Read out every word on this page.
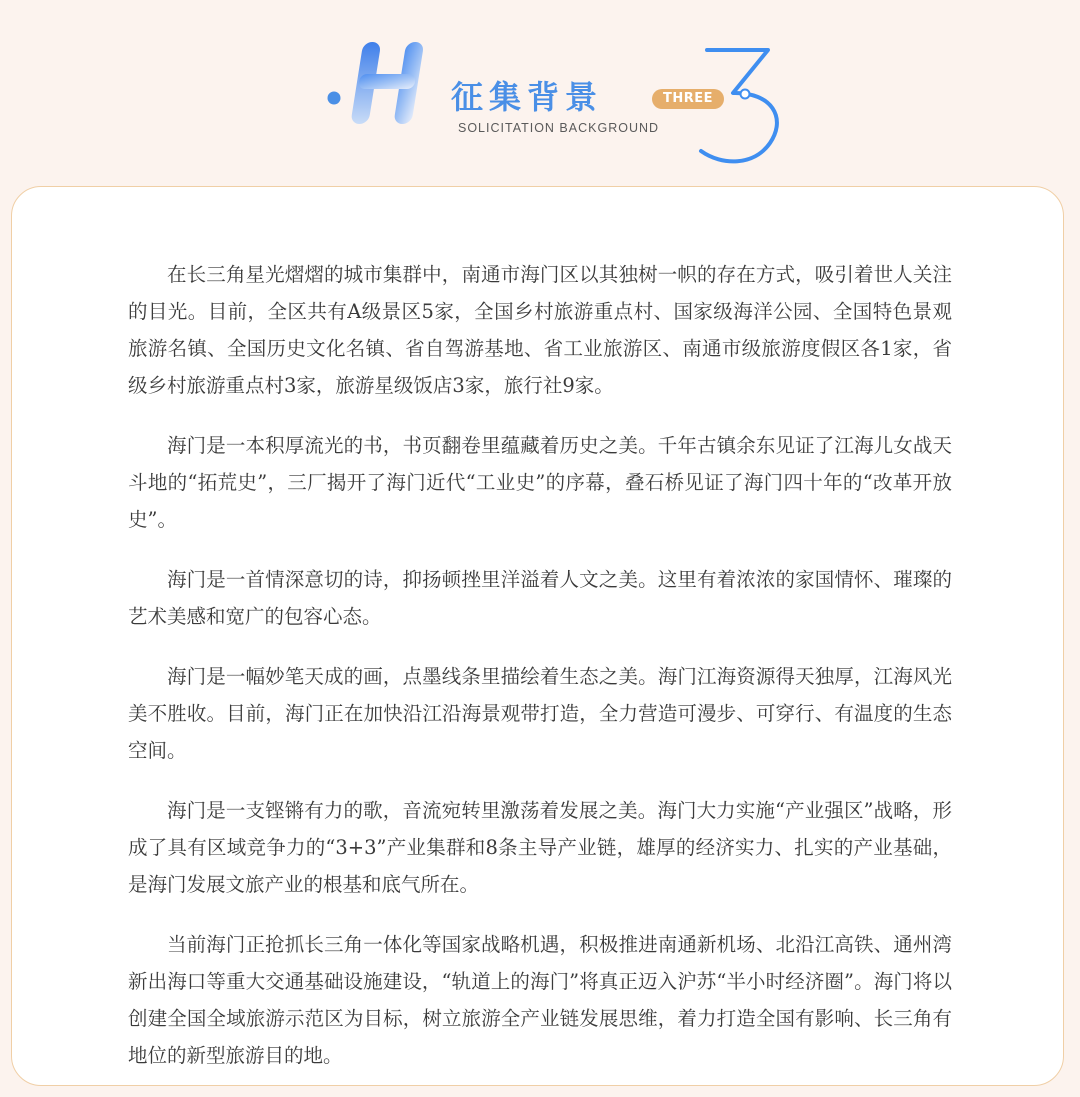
征集背景	THREE
SOLICITATION BACKGROUND

在长三角星光熠熠的城市集群中，南通市海门区以其独树一帜的存在方式，吸引着世人关注的目光。目前，全区共有A级景区5家，全国乡村旅游重点村、国家级海洋公园、全国特色景观旅游名镇、全国历史文化名镇、省自驾游基地、省工业旅游区、南通市级旅游度假区各1家，省级乡村旅游重点村3家，旅游星级饭店3家，旅行社9家。

海门是一本积厚流光的书，书页翻卷里蕴藏着历史之美。千年古镇余东见证了江海儿女战天斗地的“拓荒史”，三厂揭开了海门近代“工业史”的序幕，叠石桥见证了海门四十年的“改革开放史”。

海门是一首情深意切的诗，抑扬顿挫里洋溢着人文之美。这里有着浓浓的家国情怀、璀璨的艺术美感和宽广的包容心态。

海门是一幅妙笔天成的画，点墨线条里描绘着生态之美。海门江海资源得天独厚，江海风光美不胜收。目前，海门正在加快沿江沿海景观带打造，全力营造可漫步、可穿行、有温度的生态空间。

海门是一支铿锵有力的歌，音流宛转里激荡着发展之美。海门大力实施“产业强区”战略，形成了具有区域竞争力的“3+3”产业集群和8条主导产业链，雄厚的经济实力、扎实的产业基础，是海门发展文旅产业的根基和底气所在。

当前海门正抢抓长三角一体化等国家战略机遇，积极推进南通新机场、北沿江高铁、通州湾新出海口等重大交通基础设施建设，“轨道上的海门”将真正迈入沪苏“半小时经济圈”。海门将以创建全国全域旅游示范区为目标，树立旅游全产业链发展思维，着力打造全国有影响、长三角有地位的新型旅游目的地。
